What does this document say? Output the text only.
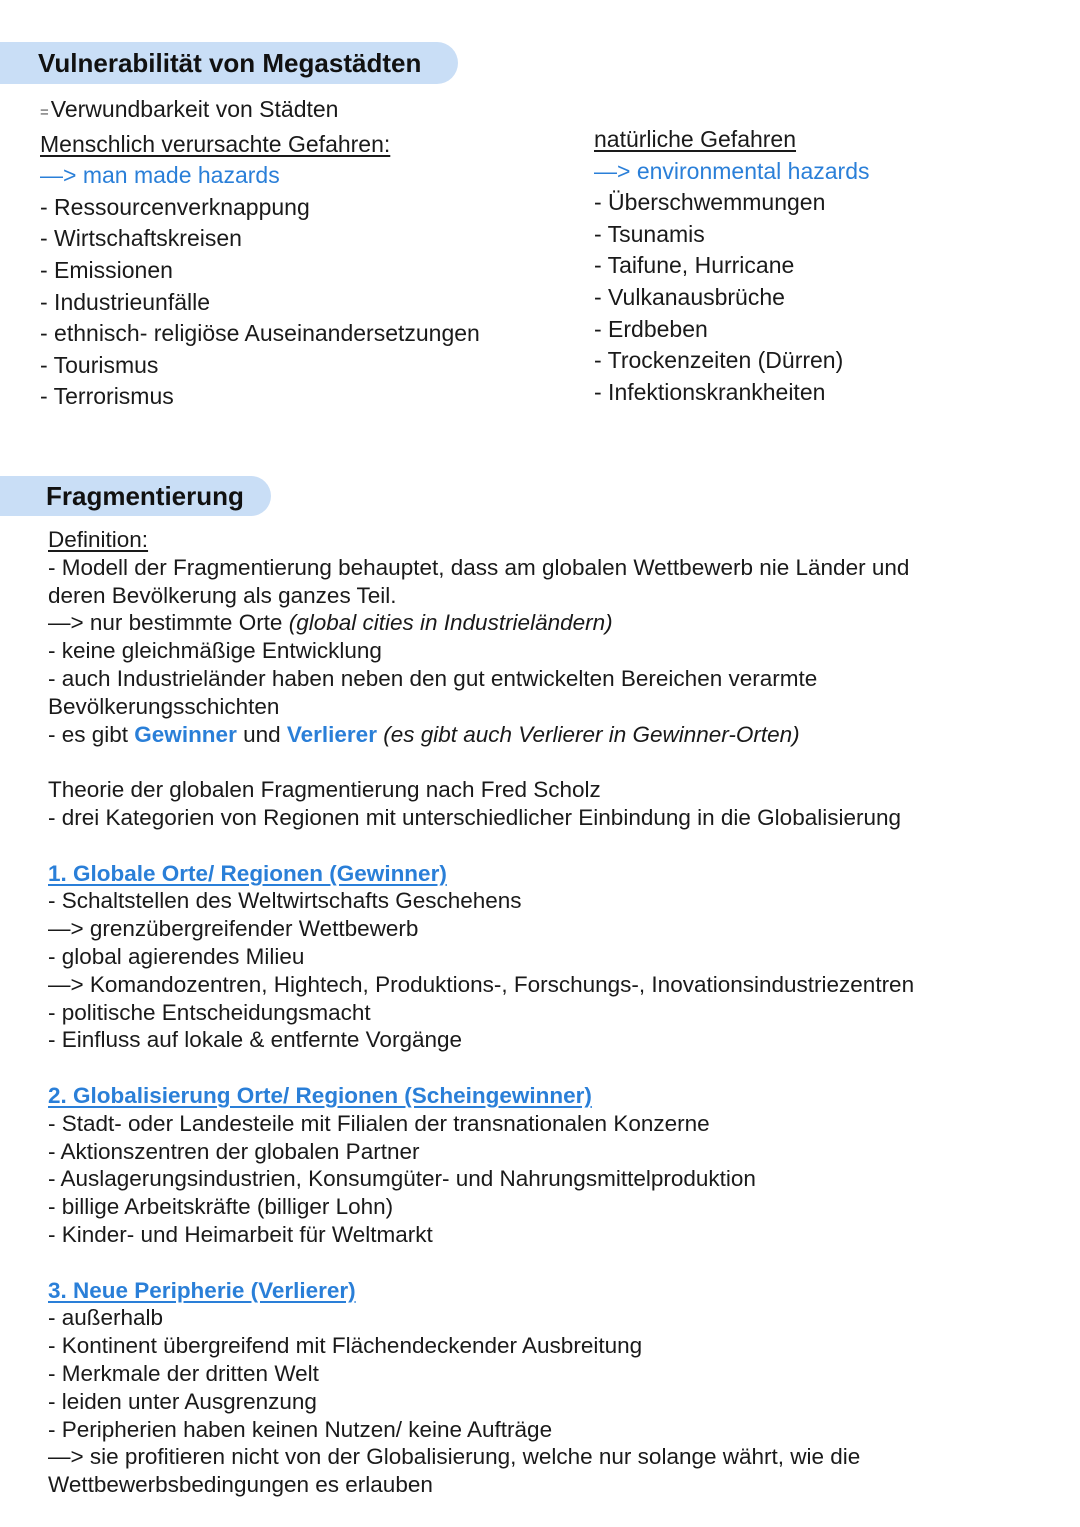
Vulnerabilität von Megastädten
=Verwundbarkeit von Städten
Menschlich verursachte Gefahren:
—> man made hazards
- Ressourcenverknappung
- Wirtschaftskreisen
- Emissionen
- Industrieunfälle
- ethnisch- religiöse Auseinandersetzungen
- Tourismus
- Terrorismus
natürliche Gefahren
—> environmental hazards
- Überschwemmungen
- Tsunamis
- Taifune, Hurricane
- Vulkanausbrüche
- Erdbeben
- Trockenzeiten (Dürren)
- Infektionskrankheiten
Fragmentierung
Definition:
- Modell der Fragmentierung behauptet, dass am globalen Wettbewerb nie Länder und
deren Bevölkerung als ganzes Teil.
—> nur bestimmte Orte (global cities in Industrieländern)
- keine gleichmäßige Entwicklung
- auch Industrieländer haben neben den gut entwickelten Bereichen verarmte
Bevölkerungsschichten
- es gibt Gewinner und Verlierer (es gibt auch Verlierer in Gewinner-Orten)
Theorie der globalen Fragmentierung nach Fred Scholz
- drei Kategorien von Regionen mit unterschiedlicher Einbindung in die Globalisierung
1. Globale Orte/ Regionen (Gewinner)
- Schaltstellen des Weltwirtschafts Geschehens
—> grenzübergreifender Wettbewerb
- global agierendes Milieu
—> Komandozentren, Hightech, Produktions-, Forschungs-, Inovationsindustriezentren
- politische Entscheidungsmacht
- Einfluss auf lokale & entfernte Vorgänge
2. Globalisierung Orte/ Regionen (Scheingewinner)
- Stadt- oder Landesteile mit Filialen der transnationalen Konzerne
- Aktionszentren der globalen Partner
- Auslagerungsindustrien, Konsumgüter- und Nahrungsmittelproduktion
- billige Arbeitskräfte (billiger Lohn)
- Kinder- und Heimarbeit für Weltmarkt
3. Neue Peripherie (Verlierer)
- außerhalb
- Kontinent übergreifend mit Flächendeckender Ausbreitung
- Merkmale der dritten Welt
- leiden unter Ausgrenzung
- Peripherien haben keinen Nutzen/ keine Aufträge
—> sie profitieren nicht von der Globalisierung, welche nur solange währt, wie die
Wettbewerbsbedingungen es erlauben
